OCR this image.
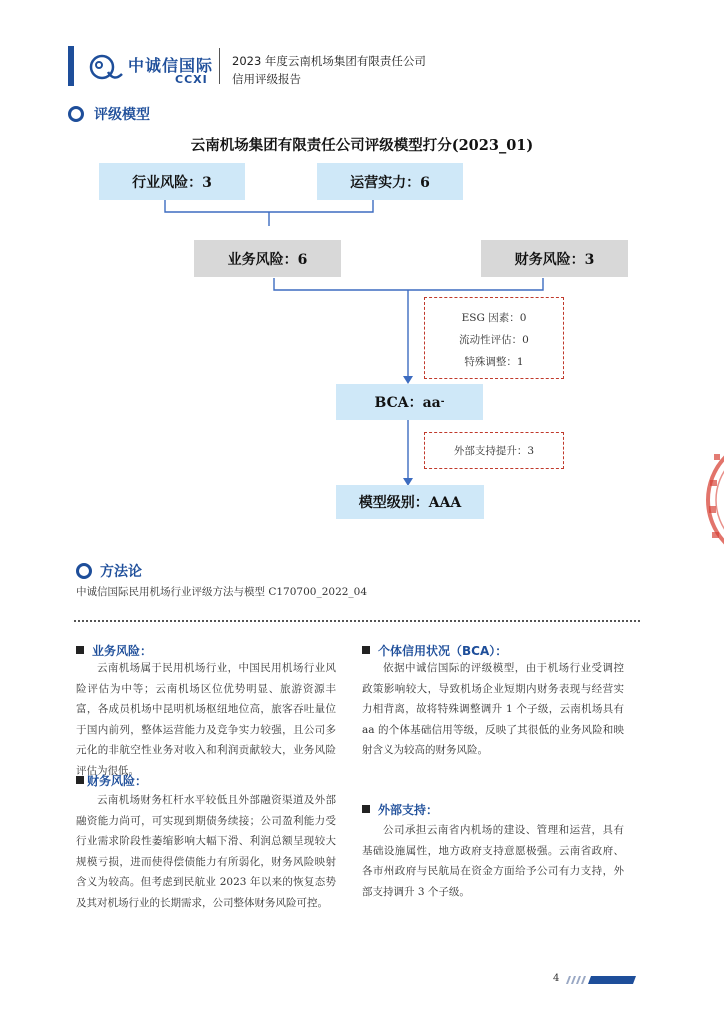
中诚信国际
CCXI
2023 年度云南机场集团有限责任公司
信用评级报告
评级模型
云南机场集团有限责任公司评级模型打分(2023_01)
行业风险：3	运营实力：6
业务风险：6	财务风险：3
ESG 因素：0
流动性评估：0
特殊调整：1
BCA：aa -
外部支持提升：3
模型级别：AAA
方法论
中诚信国际民用机场行业评级方法与模型 C170700_2022_04
业务风险：
云南机场属于民用机场行业，中国民用机场行业风险评估为中等；云南机场区位优势明显、旅游资源丰富，各成员机场中昆明机场枢纽地位高，旅客吞吐量位于国内前列，整体运营能力及竞争实力较强，且公司多元化的非航空性业务对收入和利润贡献较大，业务风险评估为很低。
财务风险：
云南机场财务杠杆水平较低且外部融资渠道及外部融资能力尚可，可实现到期债务续接；公司盈利能力受行业需求阶段性萎缩影响大幅下滑、利润总额呈现较大规模亏损，进而使得偿债能力有所弱化，财务风险映射含义为较高。但考虑到民航业 2023 年以来的恢复态势及其对机场行业的长期需求，公司整体财务风险可控。
个体信用状况（BCA）：
依据中诚信国际的评级模型，由于机场行业受调控政策影响较大，导致机场企业短期内财务表现与经营实力相背离，故将特殊调整调升 1 个子级，云南机场具有 aa 的个体基础信用等级，反映了其很低的业务风险和映射含义为较高的财务风险。
外部支持：
公司承担云南省内机场的建设、管理和运营，具有基础设施属性，地方政府支持意愿极强。云南省政府、各市州政府与民航局在资金方面给予公司有力支持，外部支持调升 3 个子级。
4
